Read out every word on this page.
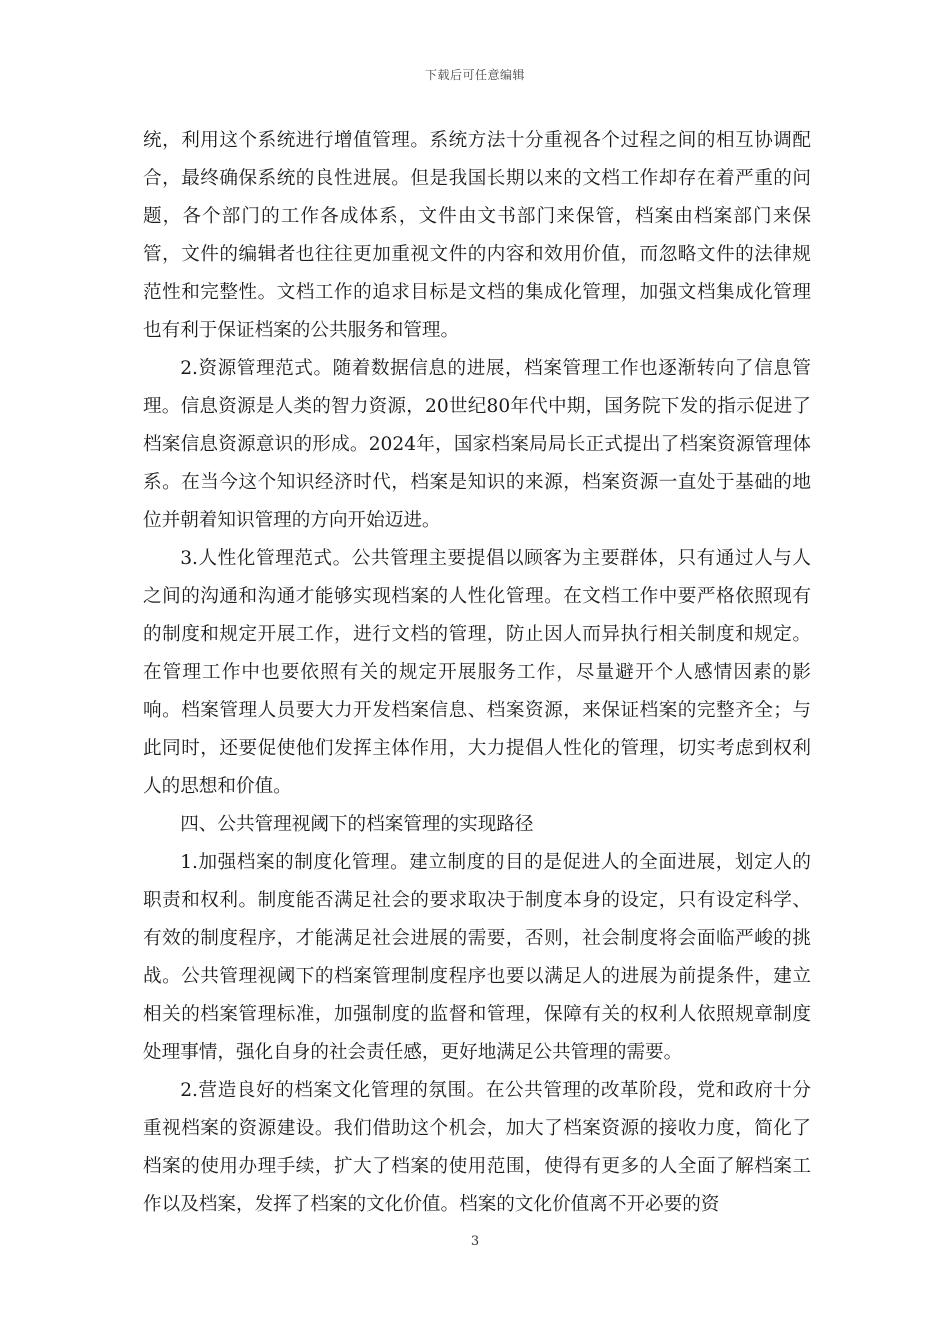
下载后可任意编辑

统，利用这个系统进行增值管理。系统方法十分重视各个过程之间的相互协调配合，最终确保系统的良性进展。但是我国长期以来的文档工作却存在着严重的问题，各个部门的工作各成体系，文件由文书部门来保管，档案由档案部门来保管，文件的编辑者也往往更加重视文件的内容和效用价值，而忽略文件的法律规范性和完整性。文档工作的追求目标是文档的集成化管理，加强文档集成化管理也有利于保证档案的公共服务和管理。

2.资源管理范式。随着数据信息的进展，档案管理工作也逐渐转向了信息管理。信息资源是人类的智力资源，20世纪80年代中期，国务院下发的指示促进了档案信息资源意识的形成。2024年，国家档案局局长正式提出了档案资源管理体系。在当今这个知识经济时代，档案是知识的来源，档案资源一直处于基础的地位并朝着知识管理的方向开始迈进。

3.人性化管理范式。公共管理主要提倡以顾客为主要群体，只有通过人与人之间的沟通和沟通才能够实现档案的人性化管理。在文档工作中要严格依照现有的制度和规定开展工作，进行文档的管理，防止因人而异执行相关制度和规定。在管理工作中也要依照有关的规定开展服务工作，尽量避开个人感情因素的影响。档案管理人员要大力开发档案信息、档案资源，来保证档案的完整齐全；与此同时，还要促使他们发挥主体作用，大力提倡人性化的管理，切实考虑到权利人的思想和价值。

四、公共管理视阈下的档案管理的实现路径

1.加强档案的制度化管理。建立制度的目的是促进人的全面进展，划定人的职责和权利。制度能否满足社会的要求取决于制度本身的设定，只有设定科学、有效的制度程序，才能满足社会进展的需要，否则，社会制度将会面临严峻的挑战。公共管理视阈下的档案管理制度程序也要以满足人的进展为前提条件，建立相关的档案管理标准，加强制度的监督和管理，保障有关的权利人依照规章制度处理事情，强化自身的社会责任感，更好地满足公共管理的需要。

2.营造良好的档案文化管理的氛围。在公共管理的改革阶段，党和政府十分重视档案的资源建设。我们借助这个机会，加大了档案资源的接收力度，简化了档案的使用办理手续，扩大了档案的使用范围，使得有更多的人全面了解档案工作以及档案，发挥了档案的文化价值。档案的文化价值离不开必要的资

3
